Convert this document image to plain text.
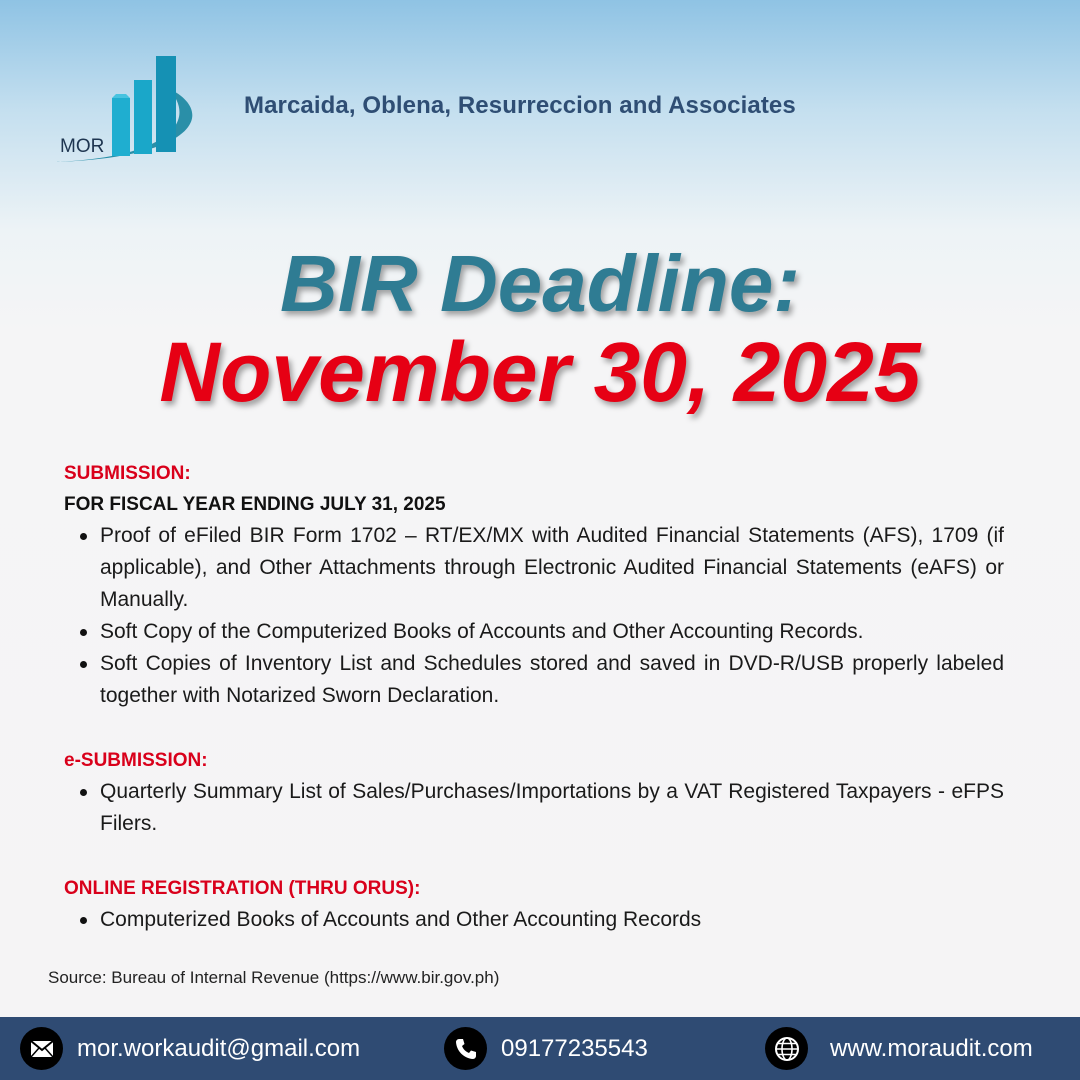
MOR
Marcaida, Oblena, Resurreccion and Associates
BIR Deadline:
November 30, 2025
SUBMISSION:
FOR FISCAL YEAR ENDING JULY 31, 2025
Proof of eFiled BIR Form 1702 – RT/EX/MX with Audited Financial Statements (AFS), 1709 (if applicable), and Other Attachments through Electronic Audited Financial Statements (eAFS) or Manually.
Soft Copy of the Computerized Books of Accounts and Other Accounting Records.
Soft Copies of Inventory List and Schedules stored and saved in DVD-R/USB properly labeled together with Notarized Sworn Declaration.
e-SUBMISSION:
Quarterly Summary List of Sales/Purchases/Importations by a VAT Registered Taxpayers - eFPS Filers.
ONLINE REGISTRATION (THRU ORUS):
Computerized Books of Accounts and Other Accounting Records
Source: Bureau of Internal Revenue (https://www.bir.gov.ph)
mor.workaudit@gmail.com	09177235543	www.moraudit.com
